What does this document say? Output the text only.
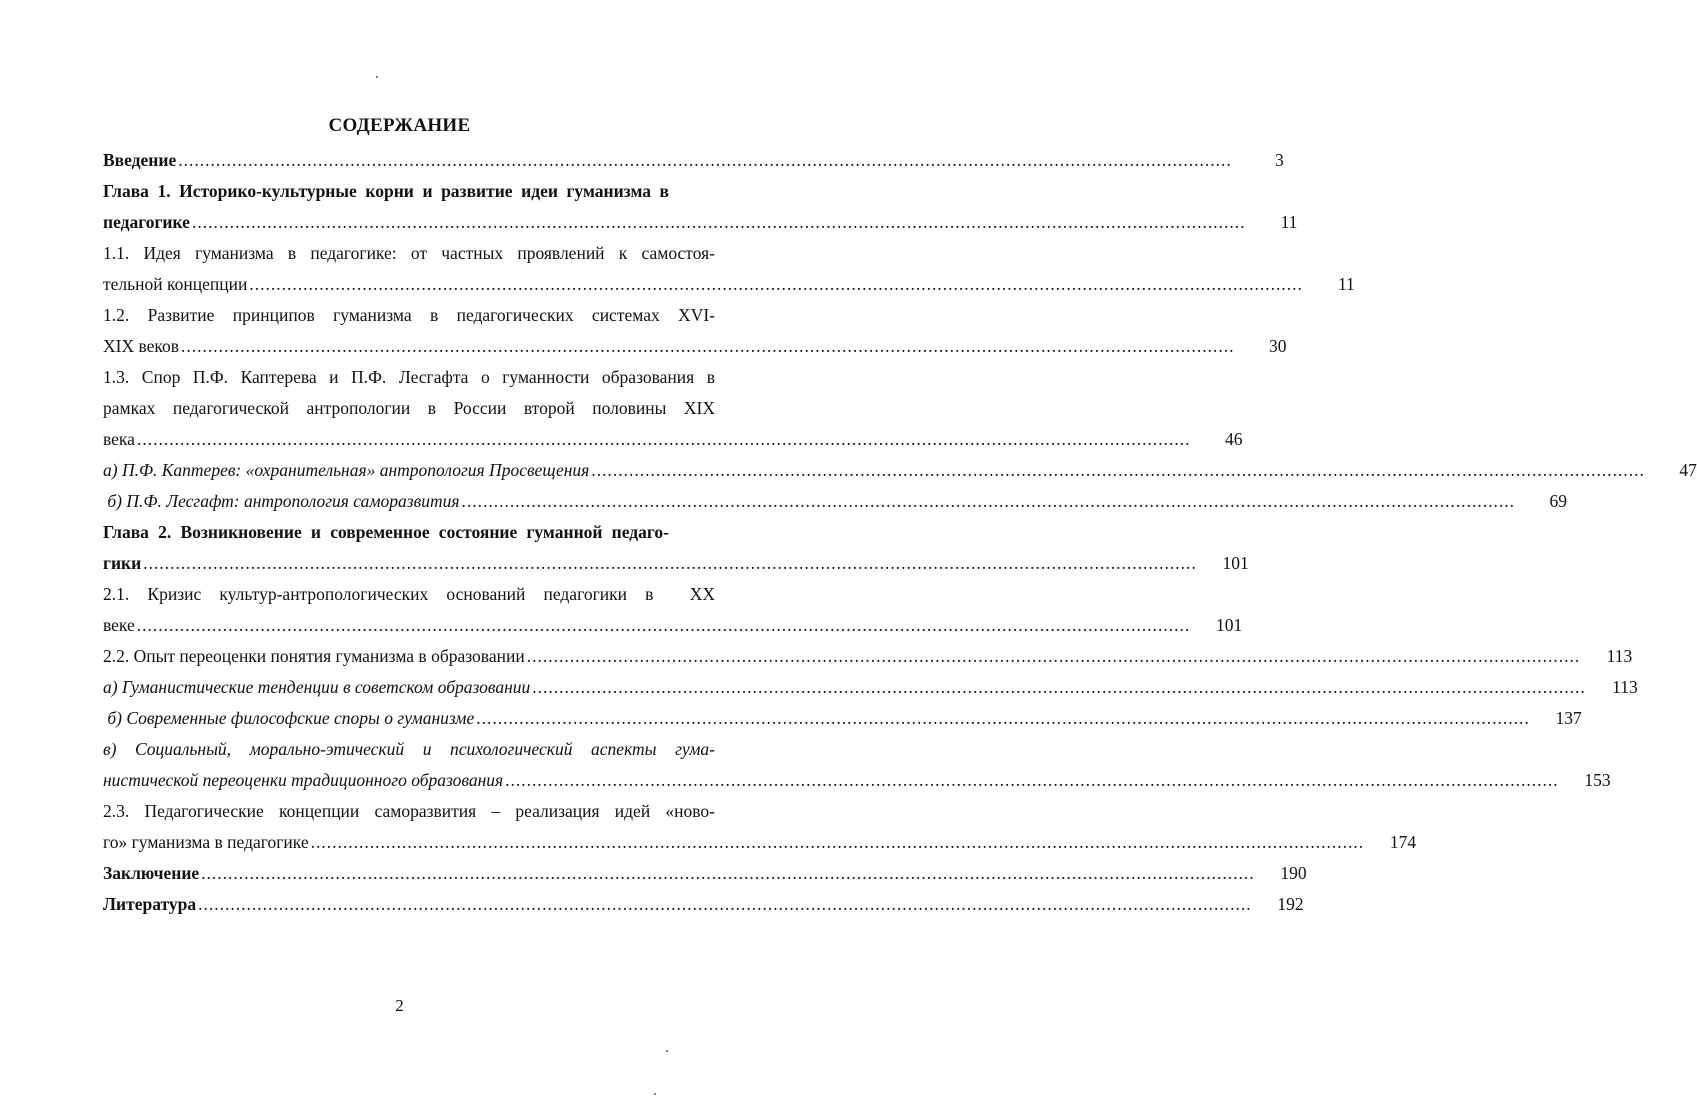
СОДЕРЖАНИЕ
Введение ....................................................................................................................................................................................................	3
Глава 1. Историко-культурные корни и развитие идеи гуманизма в
педагогике ....................................................................................................................................................................................................	11
1.1. Идея гуманизма в педагогике: от частных проявлений к самостоя-
тельной концепции ....................................................................................................................................................................................................	11
1.2. Развитие принципов гуманизма в педагогических системах XVI-
XIX веков ....................................................................................................................................................................................................	30
1.3. Спор П.Ф. Каптерева и П.Ф. Лесгафта о гуманности образования в
рамках педагогической антропологии в России второй половины XIX
века ....................................................................................................................................................................................................	46
а) П.Ф. Каптерев: «охранительная» антропология Просвещения ....................................................................................................................................................................................................	47
б) П.Ф. Лесгафт: антропология саморазвития ....................................................................................................................................................................................................	69
Глава 2. Возникновение и современное состояние гуманной педаго-
гики ....................................................................................................................................................................................................	101
2.1. Кризис культур-антропологических оснований педагогики в  XX
веке ....................................................................................................................................................................................................	101
2.2. Опыт переоценки понятия гуманизма в образовании ....................................................................................................................................................................................................	113
а) Гуманистические тенденции в советском образовании ....................................................................................................................................................................................................	113
б) Современные философские споры о гуманизме ....................................................................................................................................................................................................	137
в) Социальный, морально-этический и психологический аспекты гума-
нистической переоценки традиционного образования ....................................................................................................................................................................................................	153
2.3. Педагогические концепции саморазвития – реализация идей «ново-
го» гуманизма в педагогике ....................................................................................................................................................................................................	174
Заключение ....................................................................................................................................................................................................	190
Литература ....................................................................................................................................................................................................	192
2
